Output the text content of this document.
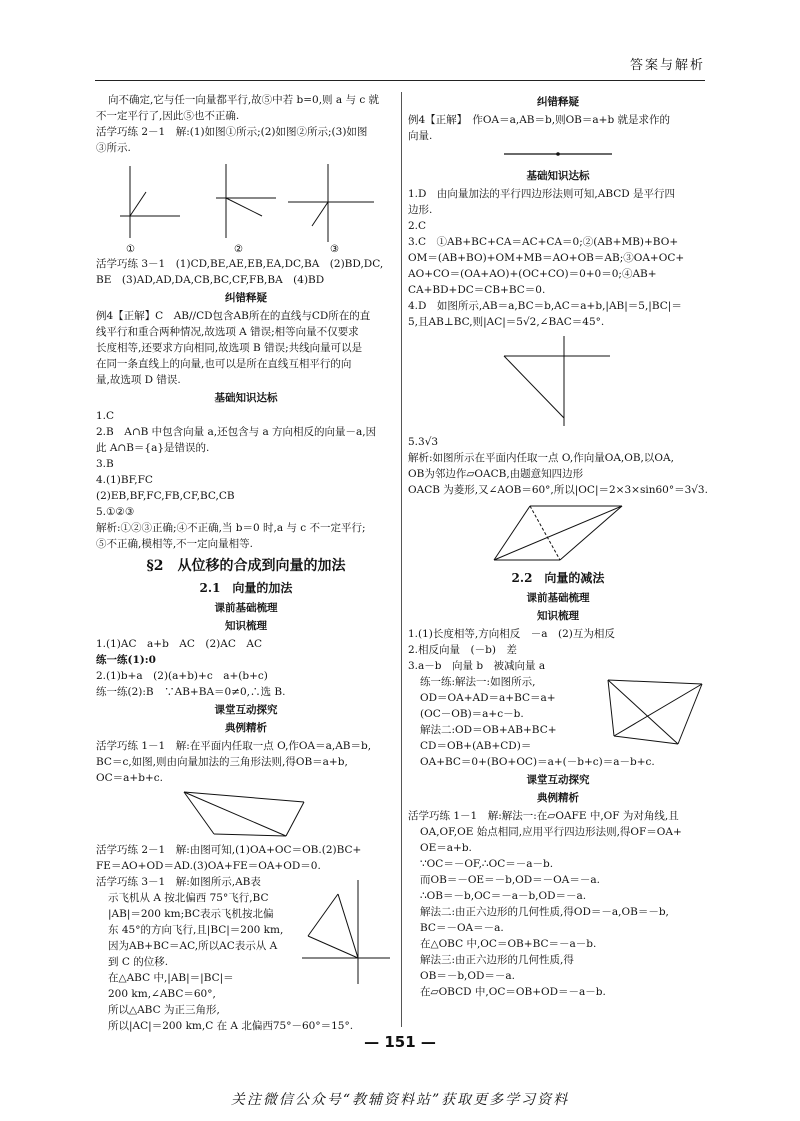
答案与解析

向不确定,它与任一向量都平行,故⑤中若 b=0,则 a 与 c 就

不一定平行了,因此⑤也不正确.

活学巧练 2－1　解:(1)如图①所示;(2)如图②所示;(3)如图

③所示.

①	②	③

活学巧练 3－1　(1)CD,BE,AE,EB,EA,DC,BA　(2)BD,DC,

BE　(3)AD,AD,DA,CB,BC,CF,FB,BA　(4)BD

纠错释疑

例4【正解】C　AB//CD包含AB所在的直线与CD所在的直

线平行和重合两种情况,故选项 A 错误;相等向量不仅要求

长度相等,还要求方向相同,故选项 B 错误;共线向量可以是

在同一条直线上的向量,也可以是所在直线互相平行的向

量,故选项 D 错误.

基础知识达标

1.C

2.B　A∩B 中包含向量 a,还包含与 a 方向相反的向量－a,因

此 A∩B＝{a}是错误的.

3.B

4.(1)BF,FC

(2)EB,BF,FC,FB,CF,BC,CB

5.①②③

解析:①②③正确;④不正确,当 b＝0 时,a 与 c 不一定平行;

⑤不正确,模相等,不一定向量相等.

§2　从位移的合成到向量的加法

2.1　向量的加法

课前基础梳理

知识梳理

1.(1)AC　a+b　AC　(2)AC　AC

练一练(1):0

2.(1)b+a　(2)(a+b)+c　a+(b+c)

练一练(2):B　∵AB+BA＝0≠0,∴选 B.

课堂互动探究

典例精析

活学巧练 1－1　解:在平面内任取一点 O,作OA＝a,AB＝b,

BC＝c,如图,则由向量加法的三角形法则,得OB＝a+b,

OC＝a+b+c.

活学巧练 2－1　解:由图可知,(1)OA+OC＝OB.(2)BC+

FE＝AO+OD＝AD.(3)OA+FE＝OA+OD＝0.

活学巧练 3－1　解:如图所示,AB表

示飞机从 A 按北偏西 75°飞行,BC

|AB|＝200 km;BC表示飞机按北偏

东 45°的方向飞行,且|BC|＝200 km,

因为AB+BC＝AC,所以AC表示从 A

到 C 的位移.

在△ABC 中,|AB|＝|BC|＝

200 km,∠ABC＝60°,

所以△ABC 为正三角形,

所以|AC|＝200 km,C 在 A 北偏西75°－60°＝15°.

纠错释疑

例4【正解】　作OA＝a,AB＝b,则OB＝a+b 就是求作的

向量.

基础知识达标

1.D　由向量加法的平行四边形法则可知,ABCD 是平行四

边形.

2.C

3.C　①AB+BC+CA＝AC+CA＝0;②(AB+MB)+BO+

OM＝(AB+BO)+OM+MB＝AO+OB＝AB;③OA+OC+

AO+CO＝(OA+AO)+(OC+CO)＝0+0＝0;④AB+

CA+BD+DC＝CB+BC＝0.

4.D　如图所示,AB＝a,BC＝b,AC＝a+b,|AB|＝5,|BC|＝

5,且AB⊥BC,则|AC|＝5√2,∠BAC＝45°.

5.3√3

解析:如图所示在平面内任取一点 O,作向量OA,OB,以OA,

OB为邻边作▱OACB,由题意知四边形

OACB 为菱形,又∠AOB＝60°,所以|OC|＝2×3×sin60°＝3√3.

2.2　向量的减法

课前基础梳理

知识梳理

1.(1)长度相等,方向相反　－a　(2)互为相反

2.相反向量　(－b)　差

3.a－b　向量 b　被减向量 a

练一练:解法一:如图所示,

OD＝OA+AD＝a+BC＝a+

(OC－OB)＝a+c－b.

解法二:OD＝OB+AB+BC+

CD＝OB+(AB+CD)＝

OA+BC＝0+(BO+OC)＝a+(－b+c)＝a－b+c.

课堂互动探究

典例精析

活学巧练 1－1　解:解法一:在▱OAFE 中,OF 为对角线,且

OA,OF,OE 始点相同,应用平行四边形法则,得OF＝OA+

OE＝a+b.

∵OC＝－OF,∴OC＝－a－b.

而OB＝－OE＝－b,OD＝－OA＝－a.

∴OB＝－b,OC＝－a－b,OD＝－a.

解法二:由正六边形的几何性质,得OD＝－a,OB＝－b,

BC＝－OA＝－a.

在△OBC 中,OC＝OB+BC＝－a－b.

解法三:由正六边形的几何性质,得

OB＝－b,OD＝－a.

在▱OBCD 中,OC＝OB+OD＝－a－b.

— 151 —
关注微信公众号“教辅资料站”获取更多学习资料
